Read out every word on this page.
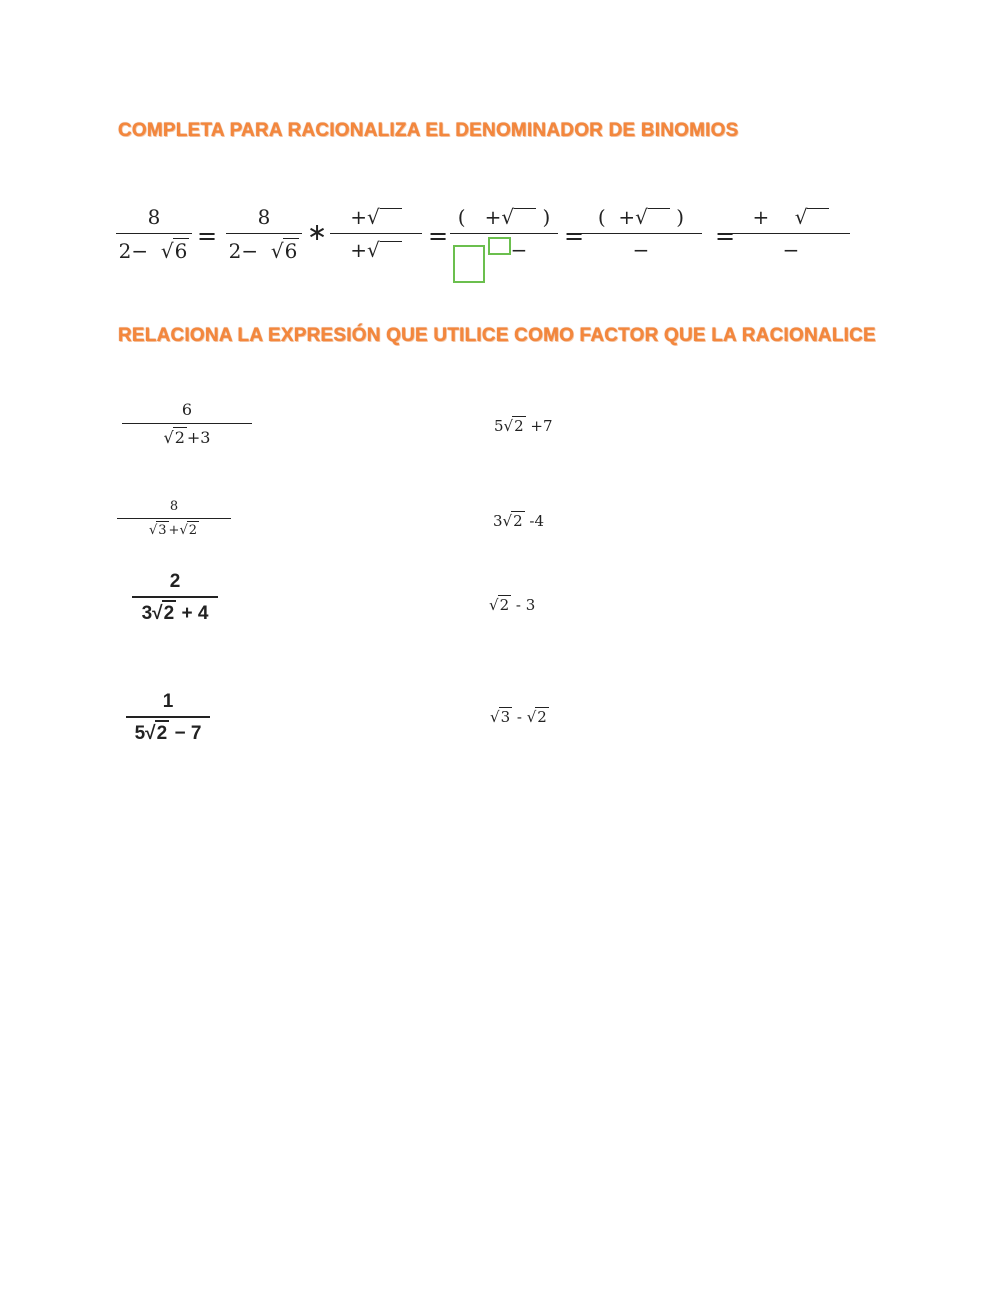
COMPLETA PARA RACIONALIZA EL DENOMINADOR DE BINOMIOS
RELACIONA LA EXPRESIÓN QUE UTILICE COMO FACTOR QUE LA RACIONALICE
8
2−  √6
=
8
2−  √6
∗
+√
+√	=
( +√ )
−	=
( +√ )
−	=
+ √
−
6
√2 +3
8
√3 +√2
2
3√2 + 4
1
5√2 − 7
5√2 +7
3√2 -4
√2 - 3
√3 - √2
